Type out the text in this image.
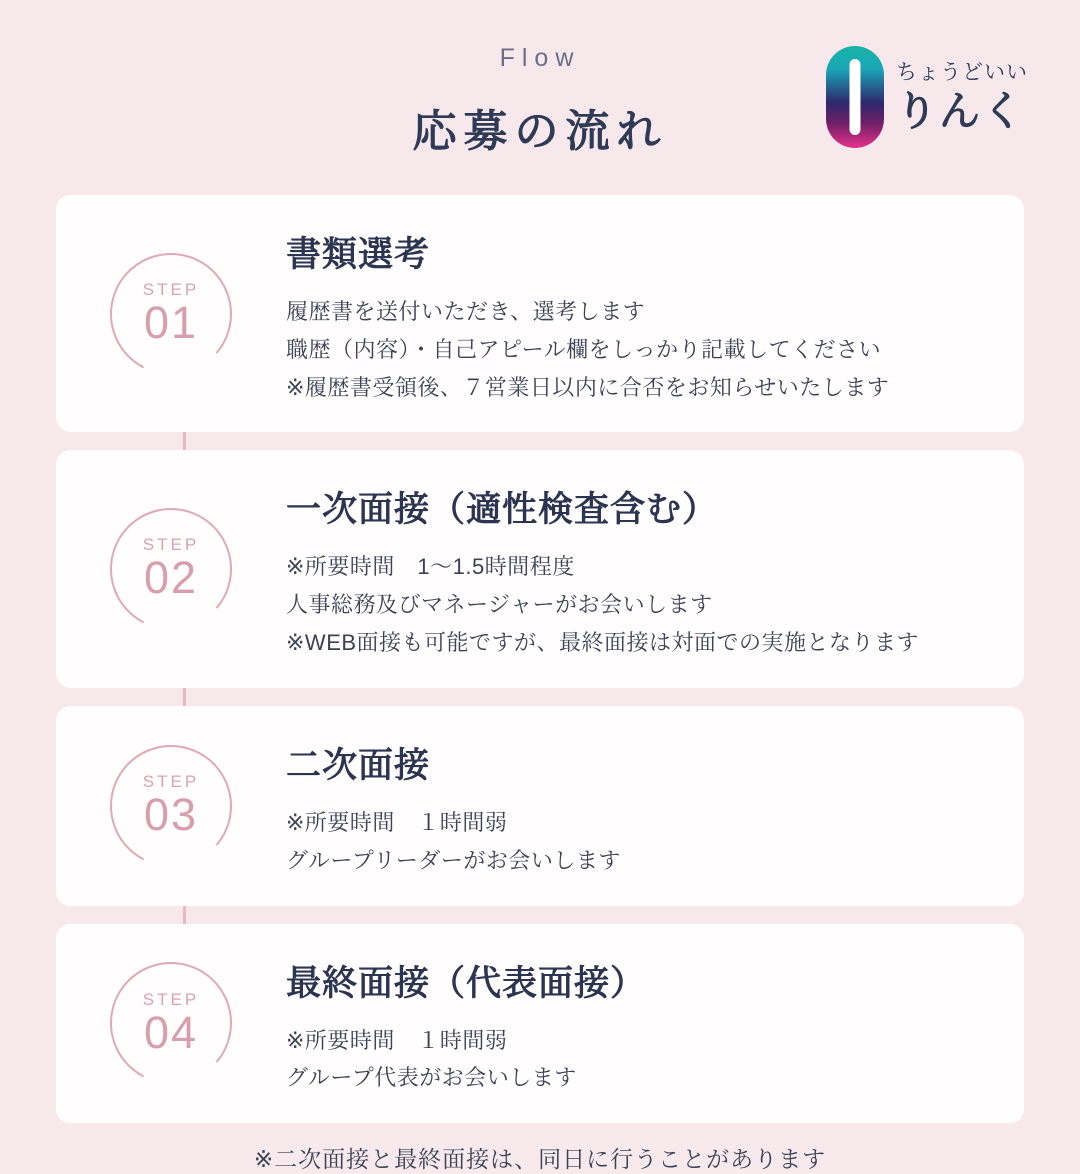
Flow
応募の流れ
ちょうどいい
りんく
STEP
01
書類選考
履歴書を送付いただき、選考します
職歴（内容）・自己アピール欄をしっかり記載してください
※履歴書受領後、７営業日以内に合否をお知らせいたします
STEP
02
一次面接（適性検査含む）
※所要時間　1〜1.5時間程度
人事総務及びマネージャーがお会いします
※WEB面接も可能ですが、最終面接は対面での実施となります
STEP
03
二次面接
※所要時間　１時間弱
グループリーダーがお会いします
STEP
04
最終面接（代表面接）
※所要時間　１時間弱
グループ代表がお会いします
※二次面接と最終面接は、同日に行うことがあります
